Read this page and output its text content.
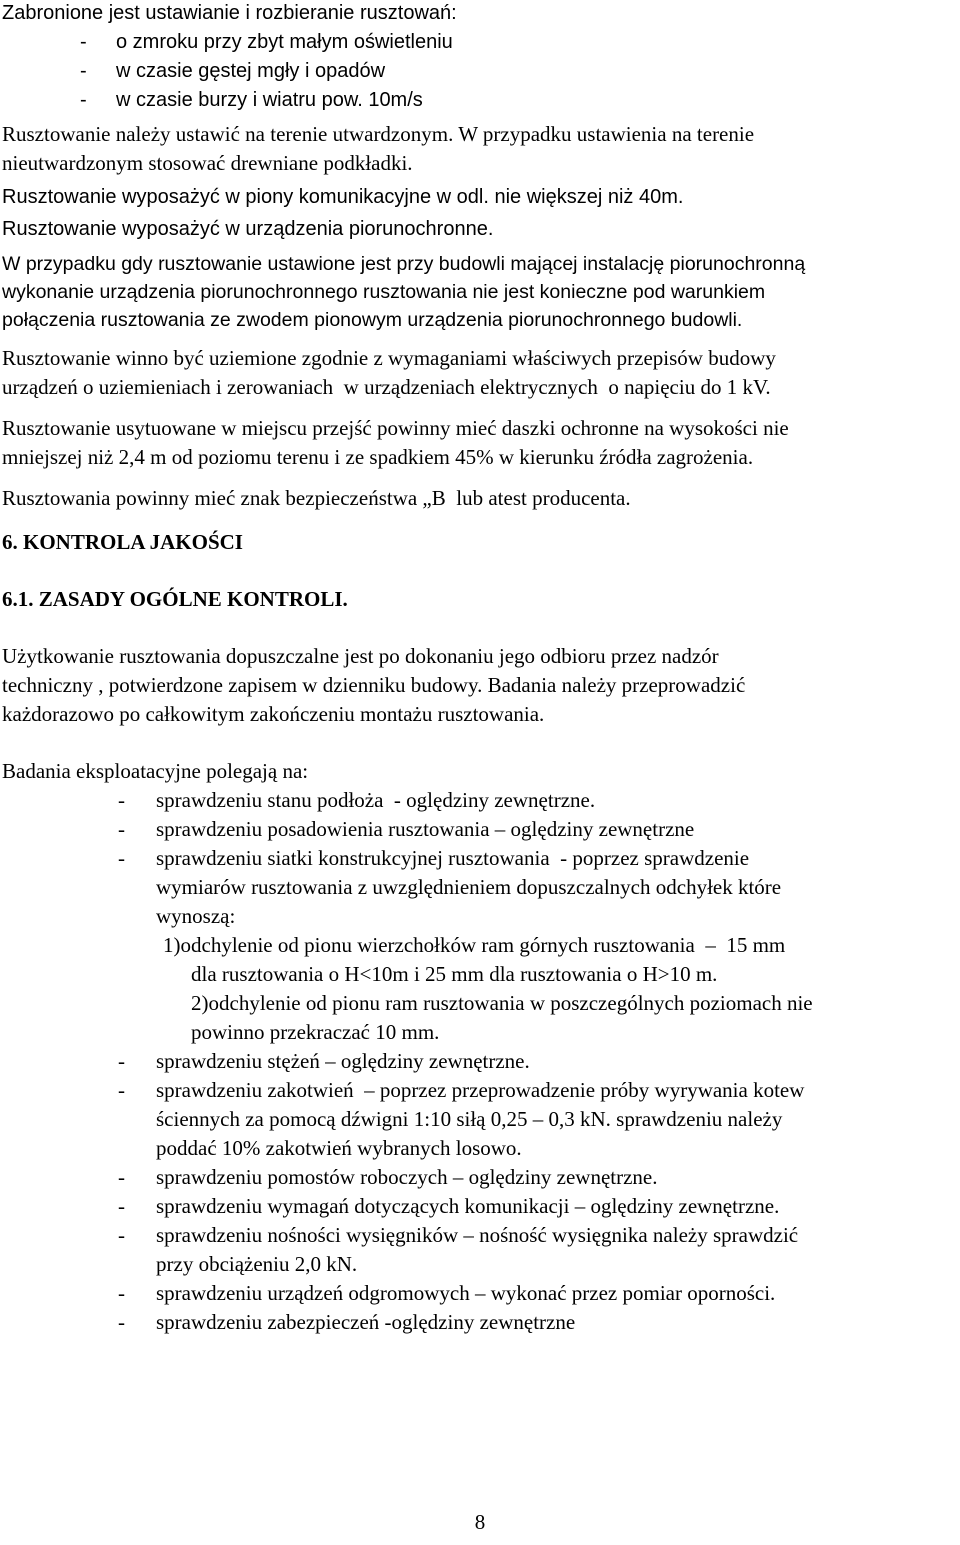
Zabronione jest ustawianie i rozbieranie rusztowań:
- o zmroku przy zbyt małym oświetleniu
- w czasie gęstej mgły i opadów
- w czasie burzy i wiatru pow. 10m/s
Rusztowanie należy ustawić na terenie utwardzonym. W przypadku ustawienia na terenie
nieutwardzonym stosować drewniane podkładki.
Rusztowanie wyposażyć w piony komunikacyjne w odl. nie większej niż 40m.
Rusztowanie wyposażyć w urządzenia piorunochronne.
W przypadku gdy rusztowanie ustawione jest przy budowli mającej instalację piorunochronną
wykonanie urządzenia piorunochronnego rusztowania nie jest konieczne pod warunkiem
połączenia rusztowania ze zwodem pionowym urządzenia piorunochronnego budowli.
Rusztowanie winno być uziemione zgodnie z wymaganiami właściwych przepisów budowy
urządzeń o uziemieniach i zerowaniach  w urządzeniach elektrycznych  o napięciu do 1 kV.
Rusztowanie usytuowane w miejscu przejść powinny mieć daszki ochronne na wysokości nie
mniejszej niż 2,4 m od poziomu terenu i ze spadkiem 45% w kierunku źródła zagrożenia.
Rusztowania powinny mieć znak bezpieczeństwa „B  lub atest producenta.
6. KONTROLA JAKOŚCI
6.1. ZASADY OGÓLNE KONTROLI.
Użytkowanie rusztowania dopuszczalne jest po dokonaniu jego odbioru przez nadzór
techniczny , potwierdzone zapisem w dzienniku budowy. Badania należy przeprowadzić
każdorazowo po całkowitym zakończeniu montażu rusztowania.
Badania eksploatacyjne polegają na:
- sprawdzeniu stanu podłoża  - oględziny zewnętrzne.
- sprawdzeniu posadowienia rusztowania – oględziny zewnętrzne
- sprawdzeniu siatki konstrukcyjnej rusztowania  - poprzez sprawdzenie
wymiarów rusztowania z uwzględnieniem dopuszczalnych odchyłek które
wynoszą:
1)odchylenie od pionu wierzchołków ram górnych rusztowania  –  15 mm
dla rusztowania o H<10m i 25 mm dla rusztowania o H>10 m.
2)odchylenie od pionu ram rusztowania w poszczególnych poziomach nie
powinno przekraczać 10 mm.
- sprawdzeniu stężeń – oględziny zewnętrzne.
- sprawdzeniu zakotwień  – poprzez przeprowadzenie próby wyrywania kotew
ściennych za pomocą dźwigni 1:10 siłą 0,25 – 0,3 kN. sprawdzeniu należy
poddać 10% zakotwień wybranych losowo.
- sprawdzeniu pomostów roboczych – oględziny zewnętrzne.
- sprawdzeniu wymagań dotyczących komunikacji – oględziny zewnętrzne.
- sprawdzeniu nośności wysięgników – nośność wysięgnika należy sprawdzić
przy obciążeniu 2,0 kN.
- sprawdzeniu urządzeń odgromowych – wykonać przez pomiar oporności.
- sprawdzeniu zabezpieczeń -oględziny zewnętrzne
8
